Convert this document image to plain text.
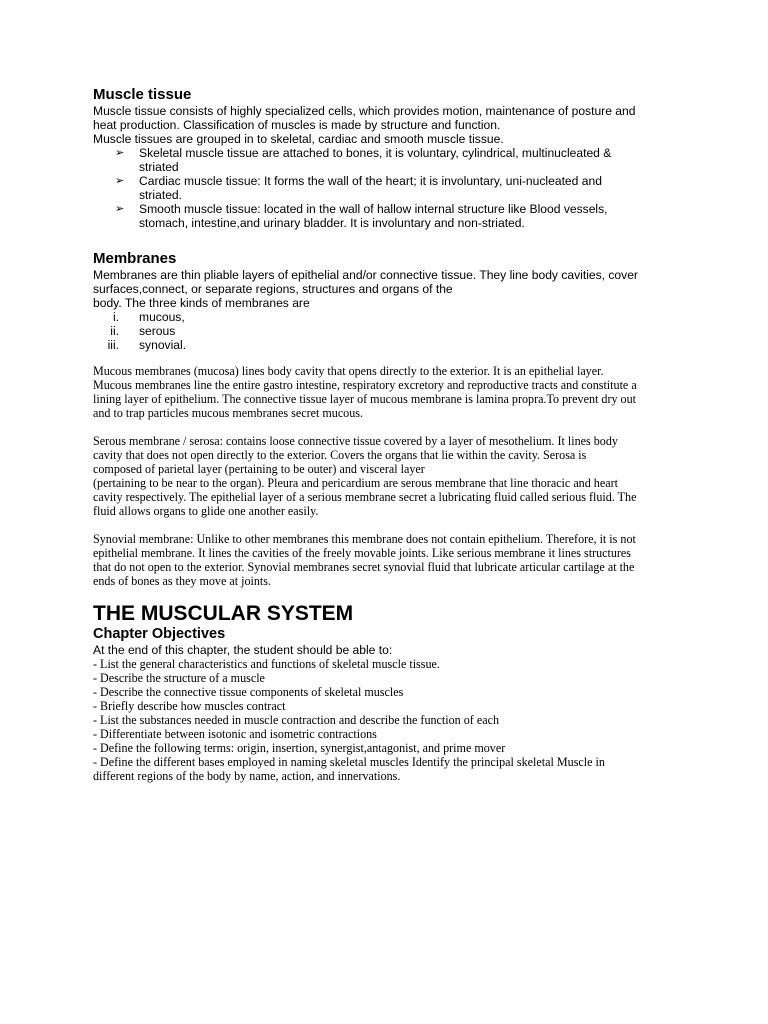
Muscle tissue

Muscle tissue consists of highly specialized cells, which provides motion, maintenance of posture and

heat production. Classification of muscles is made by structure and function.

Muscle tissues are grouped in to skeletal, cardiac and smooth muscle tissue.

➢ Skeletal muscle tissue are attached to bones, it is voluntary, cylindrical, multinucleated &
striated
➢ Cardiac muscle tissue: It forms the wall of the heart; it is involuntary, uni-nucleated and
striated.
➢ Smooth muscle tissue: located in the wall of hallow internal structure like Blood vessels,
stomach, intestine,and urinary bladder. It is involuntary and non-striated.
Membranes

Membranes are thin pliable layers of epithelial and/or connective tissue. They line body cavities, cover

surfaces,connect, or separate regions, structures and organs of the

body. The three kinds of membranes are

i. mucous,
ii. serous
iii. synovial.

Mucous membranes (mucosa) lines body cavity that opens directly to the exterior. It is an epithelial layer.

Mucous membranes line the entire gastro intestine, respiratory excretory and reproductive tracts and constitute a

lining layer of epithelium. The connective tissue layer of mucous membrane is lamina propra.To prevent dry out

and to trap particles mucous membranes secret mucous.

Serous membrane / serosa: contains loose connective tissue covered by a layer of mesothelium. It lines body

cavity that does not open directly to the exterior. Covers the organs that lie within the cavity. Serosa is

composed of parietal layer (pertaining to be outer) and visceral layer

(pertaining to be near to the organ). Pleura and pericardium are serous membrane that line thoracic and heart

cavity respectively. The epithelial layer of a serious membrane secret a lubricating fluid called serious fluid. The

fluid allows organs to glide one another easily.

Synovial membrane: Unlike to other membranes this membrane does not contain epithelium. Therefore, it is not

epithelial membrane. It lines the cavities of the freely movable joints. Like serious membrane it lines structures

that do not open to the exterior. Synovial membranes secret synovial fluid that lubricate articular cartilage at the

ends of bones as they move at joints.

THE MUSCULAR SYSTEM
Chapter Objectives

At the end of this chapter, the student should be able to:

- List the general characteristics and functions of skeletal muscle tissue.

- Describe the structure of a muscle

- Describe the connective tissue components of skeletal muscles

- Briefly describe how muscles contract

- List the substances needed in muscle contraction and describe the function of each

- Differentiate between isotonic and isometric contractions

- Define the following terms: origin, insertion, synergist,antagonist, and prime mover

- Define the different bases employed in naming skeletal muscles Identify the principal skeletal Muscle in

different regions of the body by name, action, and innervations.
